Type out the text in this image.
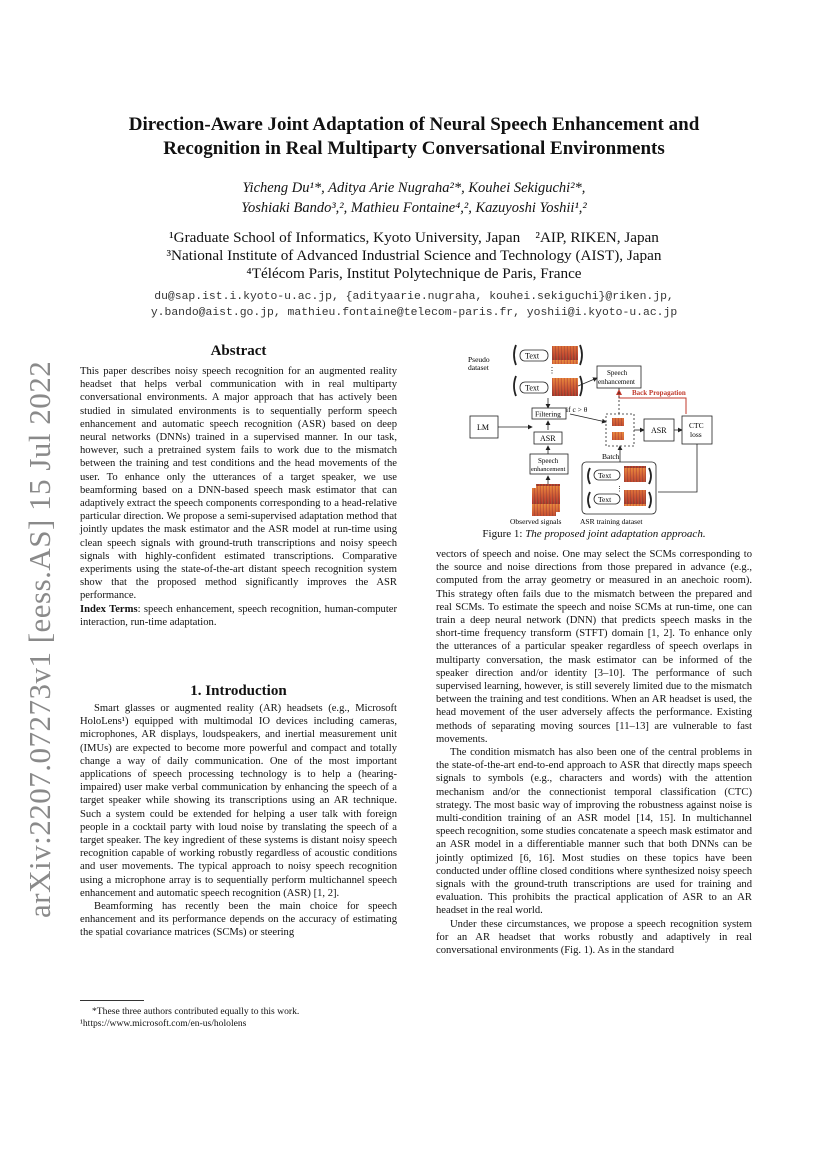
arXiv:2207.07273v1 [eess.AS] 15 Jul 2022
Direction-Aware Joint Adaptation of Neural Speech Enhancement and
Recognition in Real Multiparty Conversational Environments
Yicheng Du¹*, Aditya Arie Nugraha²*, Kouhei Sekiguchi²*,
Yoshiaki Bando³,², Mathieu Fontaine⁴,², Kazuyoshi Yoshii¹,²
¹Graduate School of Informatics, Kyoto University, Japan    ²AIP, RIKEN, Japan
³National Institute of Advanced Industrial Science and Technology (AIST), Japan
⁴Télécom Paris, Institut Polytechnique de Paris, France
du@sap.ist.i.kyoto-u.ac.jp, {adityaarie.nugraha, kouhei.sekiguchi}@riken.jp,
y.bando@aist.go.jp, mathieu.fontaine@telecom-paris.fr, yoshii@i.kyoto-u.ac.jp
Abstract

This paper describes noisy speech recognition for an augmented reality headset that helps verbal communication with in real multiparty conversational environments. A major approach that has actively been studied in simulated environments is to sequentially perform speech enhancement and automatic speech recognition (ASR) based on deep neural networks (DNNs) trained in a supervised manner. In our task, however, such a pretrained system fails to work due to the mismatch between the training and test conditions and the head movements of the user. To enhance only the utterances of a target speaker, we use beamforming based on a DNN-based speech mask estimator that can adaptively extract the speech components corresponding to a head-relative particular direction. We propose a semi-supervised adaptation method that jointly updates the mask estimator and the ASR model at run-time using clean speech signals with ground-truth transcriptions and noisy speech signals with highly-confident estimated transcriptions. Comparative experiments using the state-of-the-art distant speech recognition system show that the proposed method significantly improves the ASR performance.

Index Terms: speech enhancement, speech recognition, human-computer interaction, run-time adaptation.

1. Introduction

Smart glasses or augmented reality (AR) headsets (e.g., Microsoft HoloLens¹) equipped with multimodal IO devices including cameras, microphones, AR displays, loudspeakers, and inertial measurement unit (IMUs) are expected to become more powerful and compact and totally change a way of daily communication. One of the most important applications of speech processing technology is to help a (hearing-impaired) user make verbal communication by enhancing the speech of a target speaker while showing its transcriptions using an AR technique. Such a system could be extended for helping a user talk with foreign people in a cocktail party with loud noise by translating the speech of a target speaker. The key ingredient of these systems is distant noisy speech recognition capable of working robustly regardless of acoustic conditions and user movements. The typical approach to noisy speech recognition using a microphone array is to sequentially perform multichannel speech enhancement and automatic speech recognition (ASR) [1, 2].

Beamforming has recently been the main choice for speech enhancement and its performance depends on the accuracy of estimating the spatial covariance matrices (SCMs) or steering

*These three authors contributed equally to this work.
¹https://www.microsoft.com/en-us/hololens
Pseudo
dataset
Text
⋮
Text
Speech
enhancement
Back Propagation
Filtering if c > θ
LM
ASR
Speech
enhancement
Observed signals
Batch
ASR
CTC
loss
Text
⋮
Text
ASR training dataset
Figure 1: The proposed joint adaptation approach.

vectors of speech and noise. One may select the SCMs corresponding to the source and noise directions from those prepared in advance (e.g., computed from the array geometry or measured in an anechoic room). This strategy often fails due to the mismatch between the prepared and real SCMs. To estimate the speech and noise SCMs at run-time, one can train a deep neural network (DNN) that predicts speech masks in the short-time frequency transform (STFT) domain [1, 2]. To enhance only the utterances of a particular speaker regardless of speech overlaps in multiparty conversation, the mask estimator can be informed of the speaker direction and/or identity [3–10]. The performance of such supervised learning, however, is still severely limited due to the mismatch between the training and test conditions. When an AR headset is used, the head movement of the user adversely affects the performance. Existing methods of separating moving sources [11–13] are vulnerable to fast movements.

The condition mismatch has also been one of the central problems in the state-of-the-art end-to-end approach to ASR that directly maps speech signals to symbols (e.g., characters and words) with the attention mechanism and/or the connectionist temporal classification (CTC) strategy. The most basic way of improving the robustness against noise is multi-condition training of an ASR model [14, 15]. In multichannel speech recognition, some studies concatenate a speech mask estimator and an ASR model in a differentiable manner such that both DNNs can be jointly optimized [6, 16]. Most studies on these topics have been conducted under offline closed conditions where synthesized noisy speech signals with the ground-truth transcriptions are used for training and evaluation. This prohibits the practical application of ASR to an AR headset in the real world.

Under these circumstances, we propose a speech recognition system for an AR headset that works robustly and adaptively in real conversational environments (Fig. 1). As in the standard
